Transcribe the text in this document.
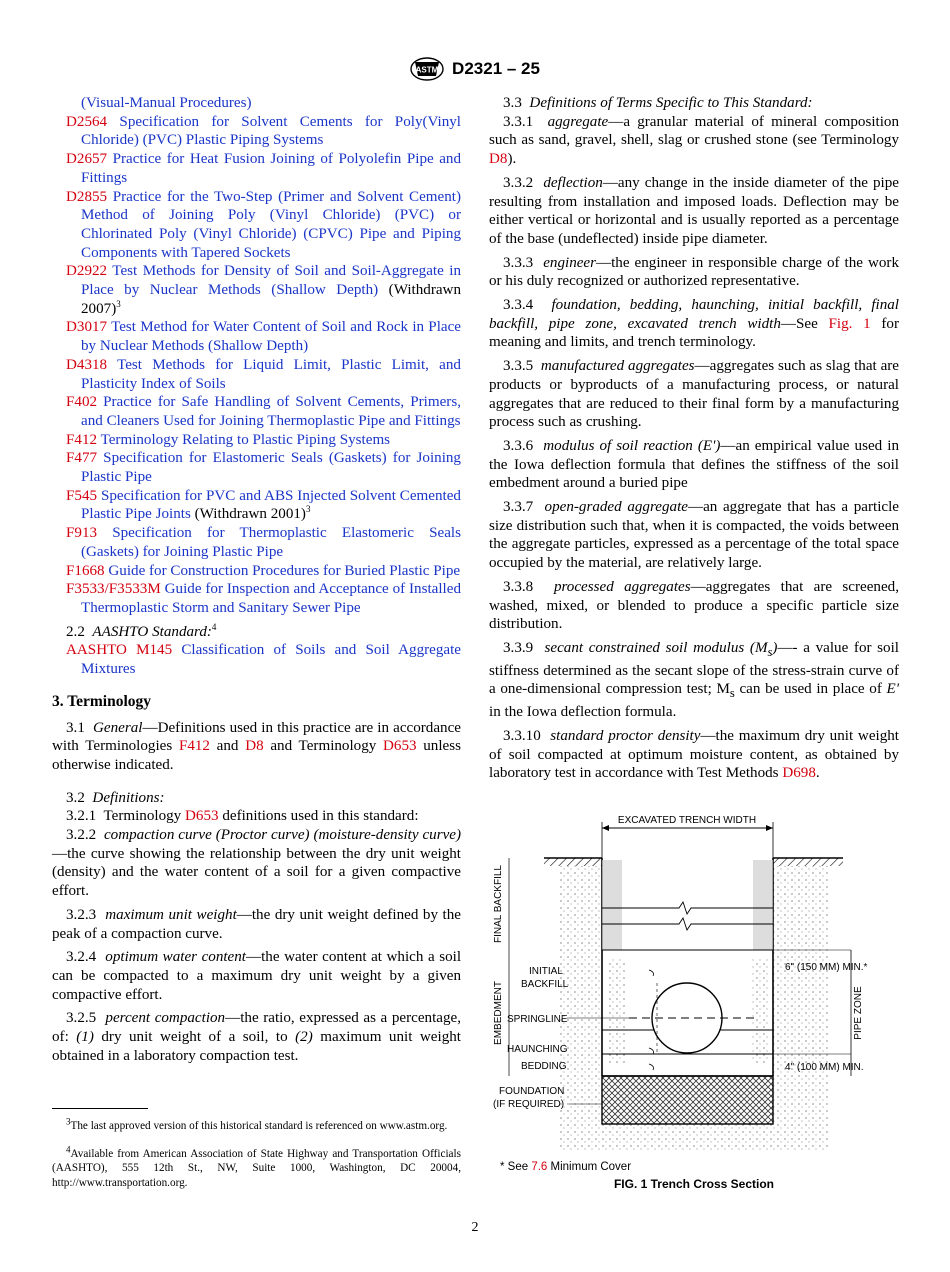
ASTM D2321 – 25

(Visual-Manual Procedures)

D2564 Specification for Solvent Cements for Poly(Vinyl Chloride) (PVC) Plastic Piping Systems

D2657 Practice for Heat Fusion Joining of Polyolefin Pipe and Fittings

D2855 Practice for the Two-Step (Primer and Solvent Cement) Method of Joining Poly (Vinyl Chloride) (PVC) or Chlorinated Poly (Vinyl Chloride) (CPVC) Pipe and Piping Components with Tapered Sockets

D2922 Test Methods for Density of Soil and Soil-Aggregate in Place by Nuclear Methods (Shallow Depth) (Withdrawn 2007)$^3$

D3017 Test Method for Water Content of Soil and Rock in Place by Nuclear Methods (Shallow Depth)

D4318 Test Methods for Liquid Limit, Plastic Limit, and Plasticity Index of Soils

F402 Practice for Safe Handling of Solvent Cements, Primers, and Cleaners Used for Joining Thermoplastic Pipe and Fittings

F412 Terminology Relating to Plastic Piping Systems

F477 Specification for Elastomeric Seals (Gaskets) for Joining Plastic Pipe

F545 Specification for PVC and ABS Injected Solvent Cemented Plastic Pipe Joints (Withdrawn 2001)$^3$

F913 Specification for Thermoplastic Elastomeric Seals (Gaskets) for Joining Plastic Pipe

F1668 Guide for Construction Procedures for Buried Plastic Pipe

F3533/F3533M Guide for Inspection and Acceptance of Installed Thermoplastic Storm and Sanitary Sewer Pipe

2.2 AASHTO Standard:$^4$

AASHTO M145 Classification of Soils and Soil Aggregate Mixtures

3. Terminology

3.1 General—Definitions used in this practice are in accordance with Terminologies F412 and D8 and Terminology D653 unless otherwise indicated.

3.2 Definitions:

3.2.1 Terminology D653 definitions used in this standard:

3.2.2 compaction curve (Proctor curve) (moisture-density curve)—the curve showing the relationship between the dry unit weight (density) and the water content of a soil for a given compactive effort.

3.2.3 maximum unit weight—the dry unit weight defined by the peak of a compaction curve.

3.2.4 optimum water content—the water content at which a soil can be compacted to a maximum dry unit weight by a given compactive effort.

3.2.5 percent compaction—the ratio, expressed as a percentage, of: (1) dry unit weight of a soil, to (2) maximum unit weight obtained in a laboratory compaction test.

$^3$The last approved version of this historical standard is referenced on www.astm.org.
$^4$Available from American Association of State Highway and Transportation Officials (AASHTO), 555 12th St., NW, Suite 1000, Washington, DC 20004, http://www.transportation.org.

3.3 Definitions of Terms Specific to This Standard:

3.3.1 aggregate—a granular material of mineral composition such as sand, gravel, shell, slag or crushed stone (see Terminology D8).

3.3.2 deflection—any change in the inside diameter of the pipe resulting from installation and imposed loads. Deflection may be either vertical or horizontal and is usually reported as a percentage of the base (undeflected) inside pipe diameter.

3.3.3 engineer—the engineer in responsible charge of the work or his duly recognized or authorized representative.

3.3.4 foundation, bedding, haunching, initial backfill, final backfill, pipe zone, excavated trench width—See Fig. 1 for meaning and limits, and trench terminology.

3.3.5 manufactured aggregates—aggregates such as slag that are products or byproducts of a manufacturing process, or natural aggregates that are reduced to their final form by a manufacturing process such as crushing.

3.3.6 modulus of soil reaction (E')—an empirical value used in the Iowa deflection formula that defines the stiffness of the soil embedment around a buried pipe

3.3.7 open-graded aggregate—an aggregate that has a particle size distribution such that, when it is compacted, the voids between the aggregate particles, expressed as a percentage of the total space occupied by the material, are relatively large.

3.3.8 processed aggregates—aggregates that are screened, washed, mixed, or blended to produce a specific particle size distribution.

3.3.9 secant constrained soil modulus $(M_s)—-$ a value for soil stiffness determined as the secant slope of the stress-strain curve of a one-dimensional compression test; $M_s$ can be used in place of E' in the Iowa deflection formula.

3.3.10 standard proctor density—the maximum dry unit weight of soil compacted at optimum moisture content, as obtained by laboratory test in accordance with Test Methods D698.

EXCAVATED TRENCH WIDTH
FINAL BACKFILL
EMBEDMENT
INITIAL
BACKFILL
SPRINGLINE
HAUNCHING
BEDDING
FOUNDATION
(IF REQUIRED)
6" (150 MM) MIN.*
4" (100 MM) MIN.
PIPE ZONE
* See 7.6 Minimum Cover
FIG. 1 Trench Cross Section
2
